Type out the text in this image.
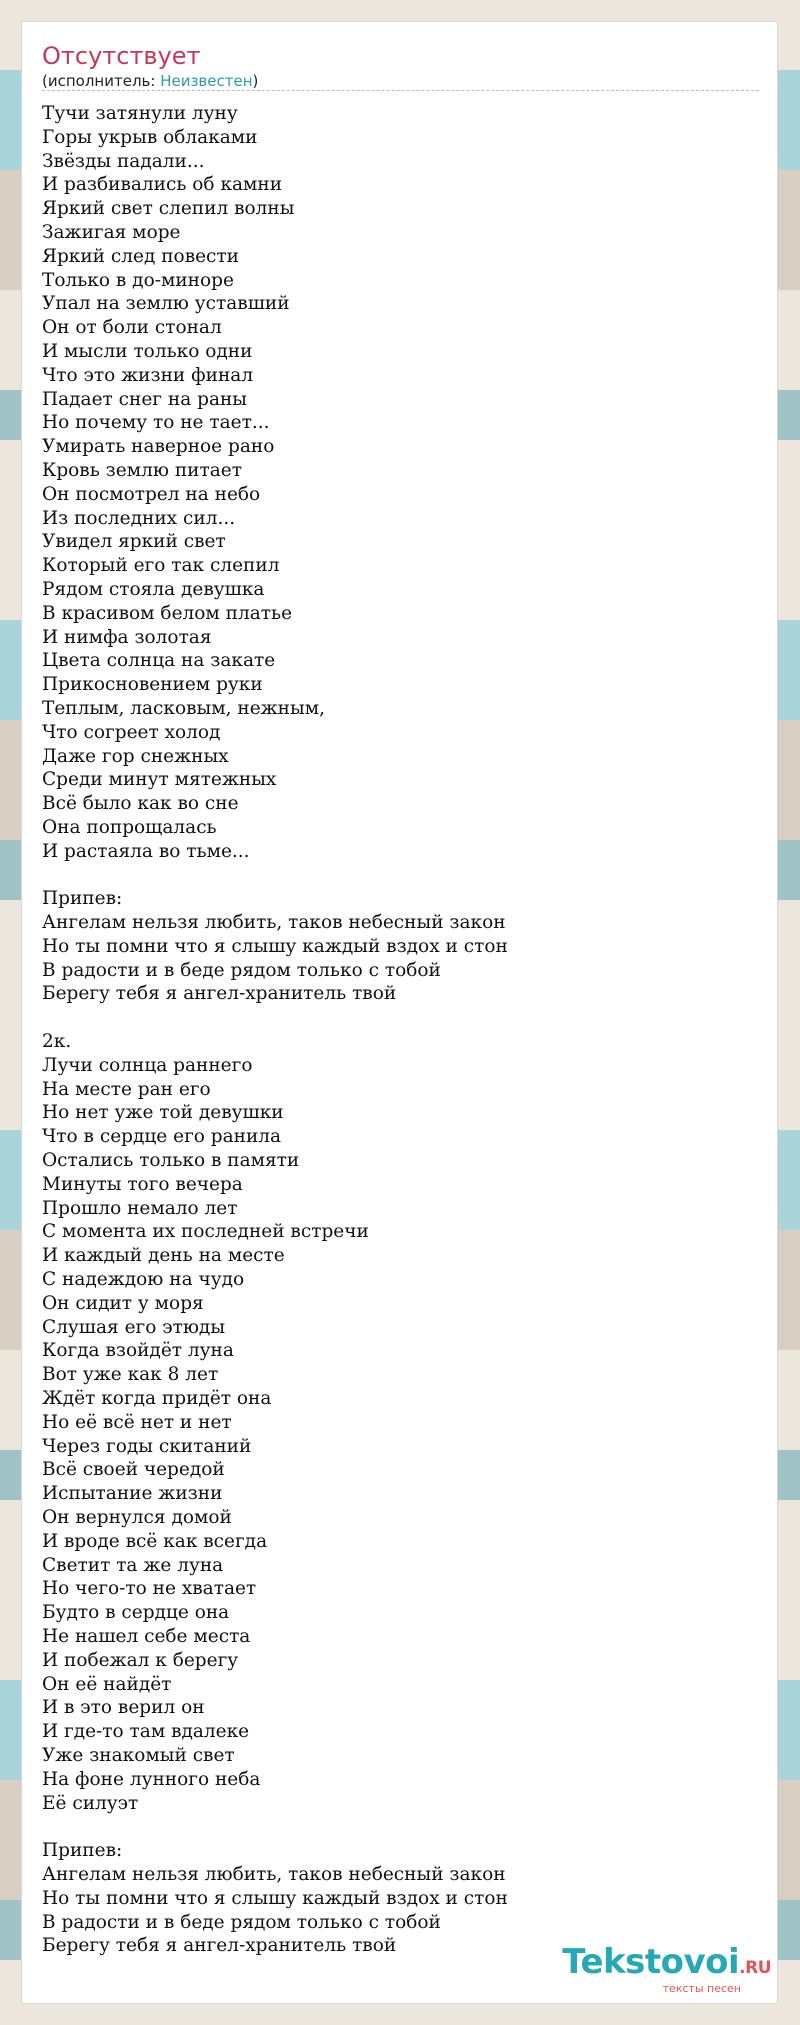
Отсутствует
(исполнитель: Неизвестен)
Тучи затянули луну
Горы укрыв облаками
Звёзды падали...
И разбивались об камни
Яркий свет слепил волны
Зажигая море
Яркий след повести
Только в до-миноре
Упал на землю уставший
Он от боли стонал
И мысли только одни
Что это жизни финал
Падает снег на раны
Но почему то не тает...
Умирать наверное рано
Кровь землю питает
Он посмотрел на небо
Из последних сил...
Увидел яркий свет
Который его так слепил
Рядом стояла девушка
В красивом белом платье
И нимфа золотая
Цвета солнца на закате
Прикосновением руки
Теплым, ласковым, нежным,
Что согреет холод
Даже гор снежных
Среди минут мятежных
Всё было как во сне
Она попрощалась
И растаяла во тьме...
Припев:
Ангелам нельзя любить, таков небесный закон
Но ты помни что я слышу каждый вздох и стон
В радости и в беде рядом только с тобой
Берегу тебя я ангел-хранитель твой
2к.
Лучи солнца раннего
На месте ран его
Но нет уже той девушки
Что в сердце его ранила
Остались только в памяти
Минуты того вечера
Прошло немало лет
С момента их последней встречи
И каждый день на месте
С надеждою на чудо
Он сидит у моря
Слушая его этюды
Когда взойдёт луна
Вот уже как 8 лет
Ждёт когда придёт она
Но её всё нет и нет
Через годы скитаний
Всё своей чередой
Испытание жизни
Он вернулся домой
И вроде всё как всегда
Светит та же луна
Но чего-то не хватает
Будто в сердце она
Не нашел себе места
И побежал к берегу
Он её найдёт
И в это верил он
И где-то там вдалеке
Уже знакомый свет
На фоне лунного неба
Её силуэт
Припев:
Ангелам нельзя любить, таков небесный закон
Но ты помни что я слышу каждый вздох и стон
В радости и в беде рядом только с тобой
Берегу тебя я ангел-хранитель твой	Tekstovoi.RU
тексты песен
